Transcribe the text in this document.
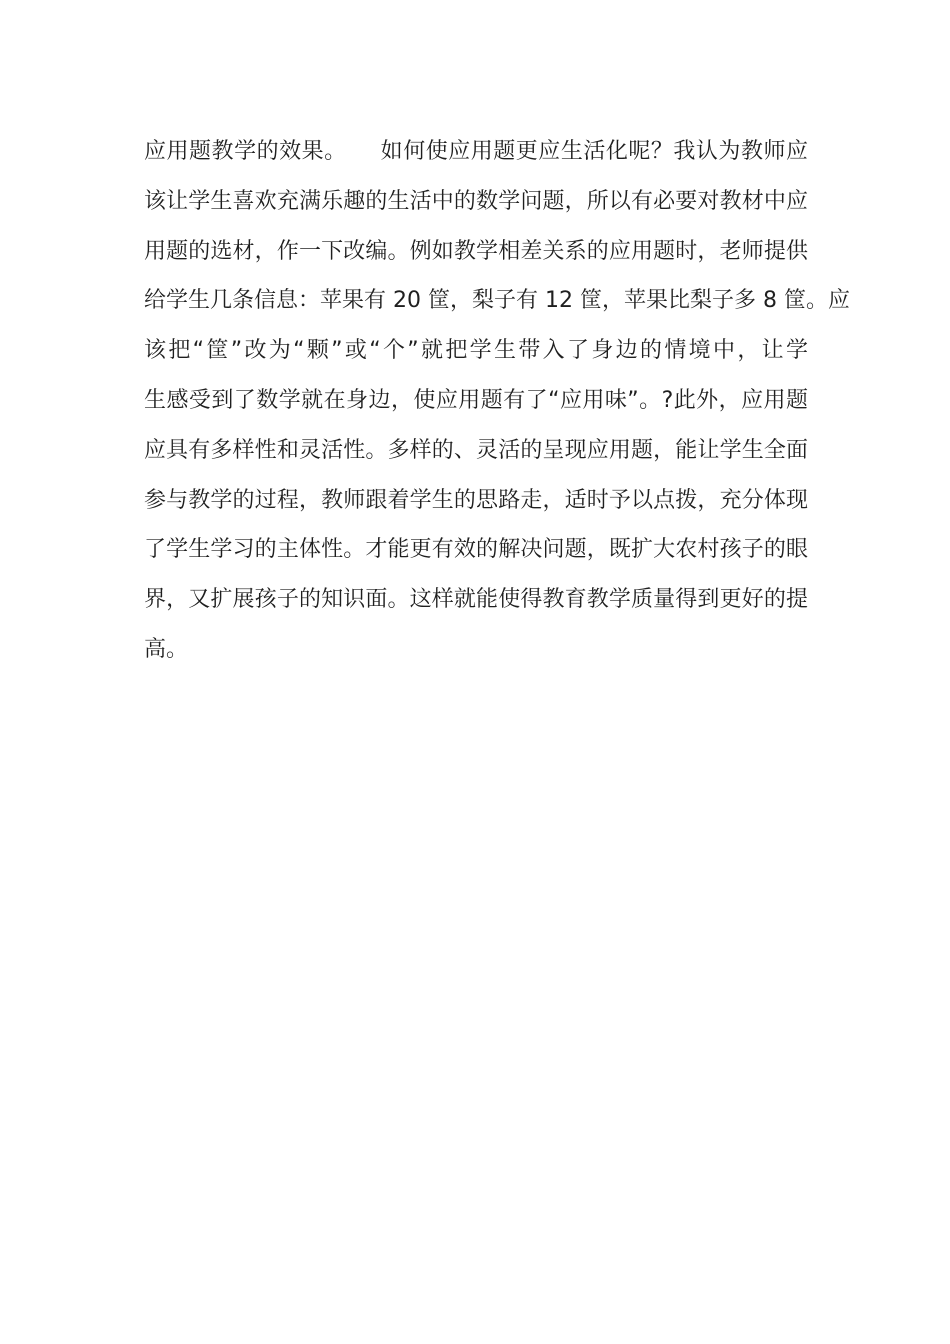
应用题教学的效果。　　如何使应用题更应生活化呢？我认为教师应
该让学生喜欢充满乐趣的生活中的数学问题，所以有必要对教材中应
用题的选材，作一下改编。例如教学相差关系的应用题时，老师提供
给学生几条信息：苹果有 20 筐，梨子有 12 筐，苹果比梨子多 8 筐。应
该把“筐”改为“颗”或“个”就把学生带入了身边的情境中，让学
生感受到了数学就在身边，使应用题有了“应用味”。?此外，应用题
应具有多样性和灵活性。多样的、灵活的呈现应用题，能让学生全面
参与教学的过程，教师跟着学生的思路走，适时予以点拨，充分体现
了学生学习的主体性。才能更有效的解决问题，既扩大农村孩子的眼
界，又扩展孩子的知识面。这样就能使得教育教学质量得到更好的提
高。
